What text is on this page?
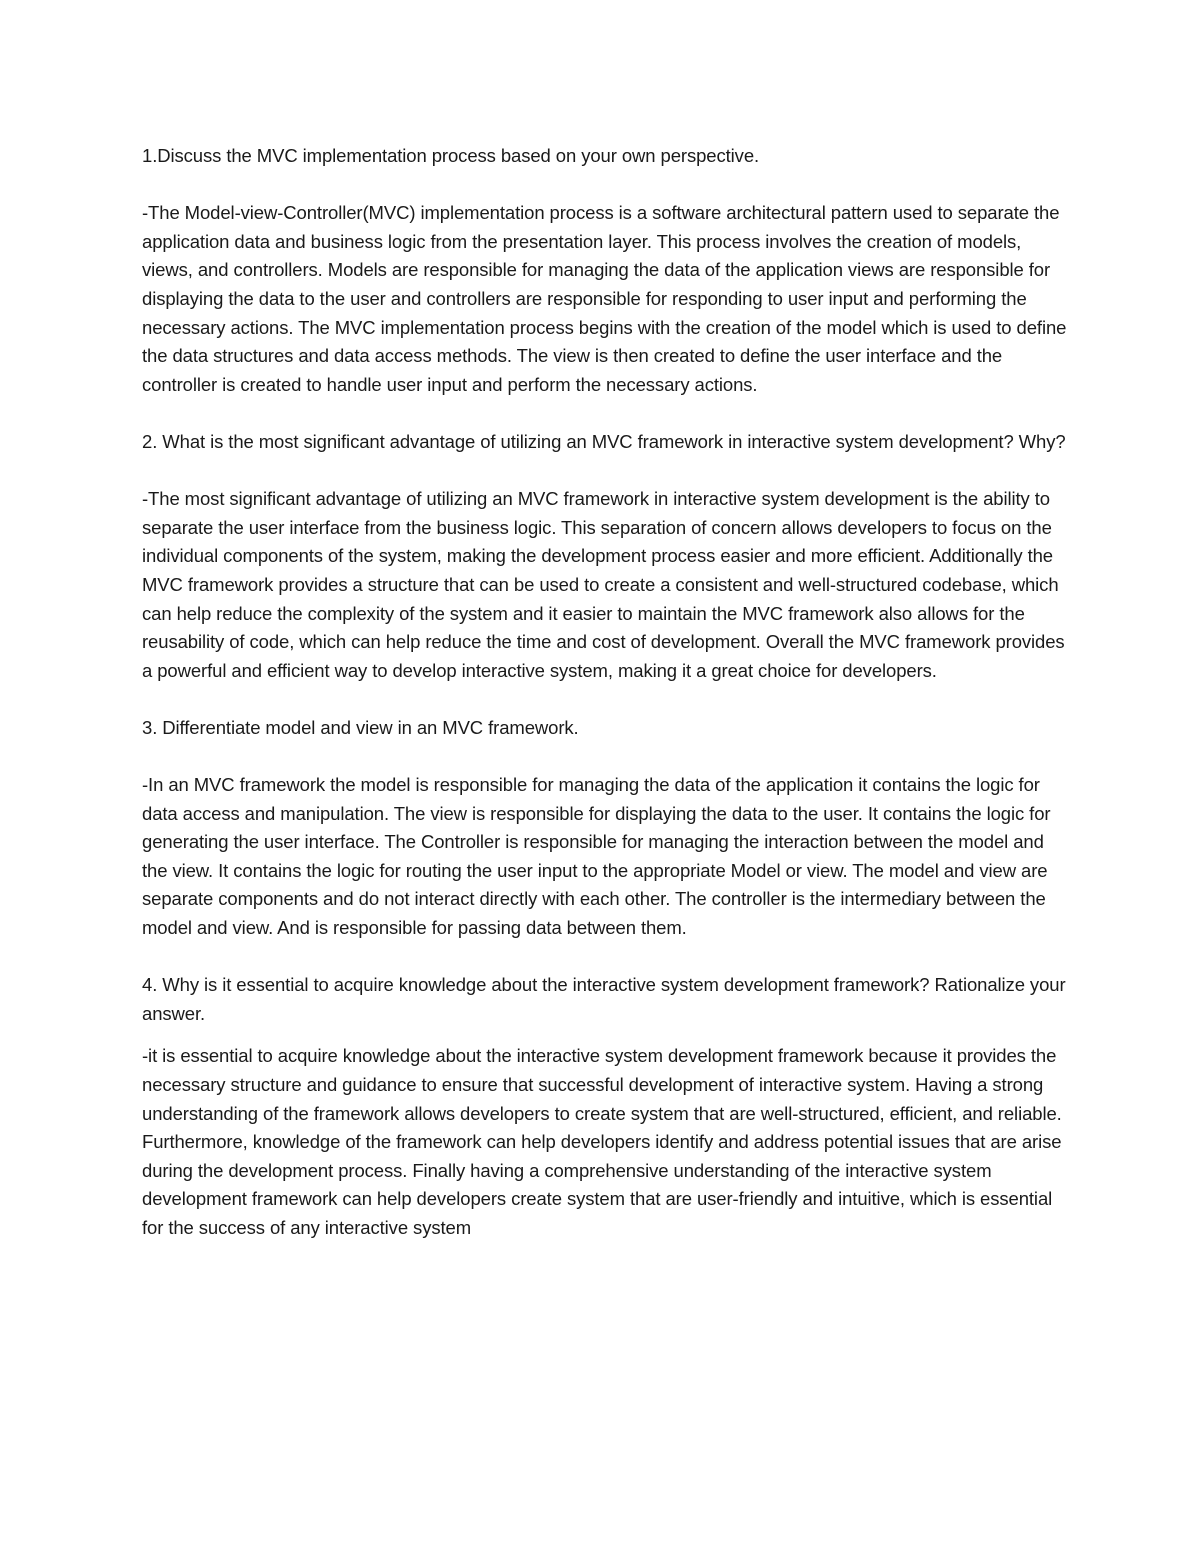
1.Discuss the MVC implementation process based on your own perspective.

-The Model-view-Controller(MVC) implementation process is a software architectural pattern used to separate the application data and business logic from the presentation layer. This process involves the creation of models, views, and controllers. Models are responsible for managing the data of the application views are responsible for displaying the data to the user and controllers are responsible for responding to user input and performing the necessary actions. The MVC implementation process begins with the creation of the model which is used to define the data structures and data access methods. The view is then created to define the user interface and the controller is created to handle user input and perform the necessary actions.

2. What is the most significant advantage of utilizing an MVC framework in interactive system development? Why?

-The most significant advantage of utilizing an MVC framework in interactive system development is the ability to separate the user interface from the business logic. This separation of concern allows developers to focus on the individual components of the system, making the development process easier and more efficient. Additionally the MVC framework provides a structure that can be used to create a consistent and well-structured codebase, which can help reduce the complexity of the system and it easier to maintain the MVC framework also allows for the reusability of code, which can help reduce the time and cost of development. Overall the MVC framework provides a powerful and efficient way to develop interactive system, making it a great choice for developers.

3. Differentiate model and view in an MVC framework.

-In an MVC framework the model is responsible for managing the data of the application it contains the logic for data access and manipulation. The view is responsible for displaying the data to the user. It contains the logic for generating the user interface. The Controller is responsible for managing the interaction between the model and the view. It contains the logic for routing the user input to the appropriate Model or view. The model and view are separate components and do not interact directly with each other. The controller is the intermediary between the model and view. And is responsible for passing data between them.

4. Why is it essential to acquire knowledge about the interactive system development framework? Rationalize your answer.

-it is essential to acquire knowledge about the interactive system development framework because it provides the necessary structure and guidance to ensure that successful development of interactive system. Having a strong understanding of the framework allows developers to create system that are well-structured, efficient, and reliable. Furthermore, knowledge of the framework can help developers identify and address potential issues that are arise during the development process. Finally having a comprehensive understanding of the interactive system development framework can help developers create system that are user-friendly and intuitive, which is essential for the success of any interactive system
